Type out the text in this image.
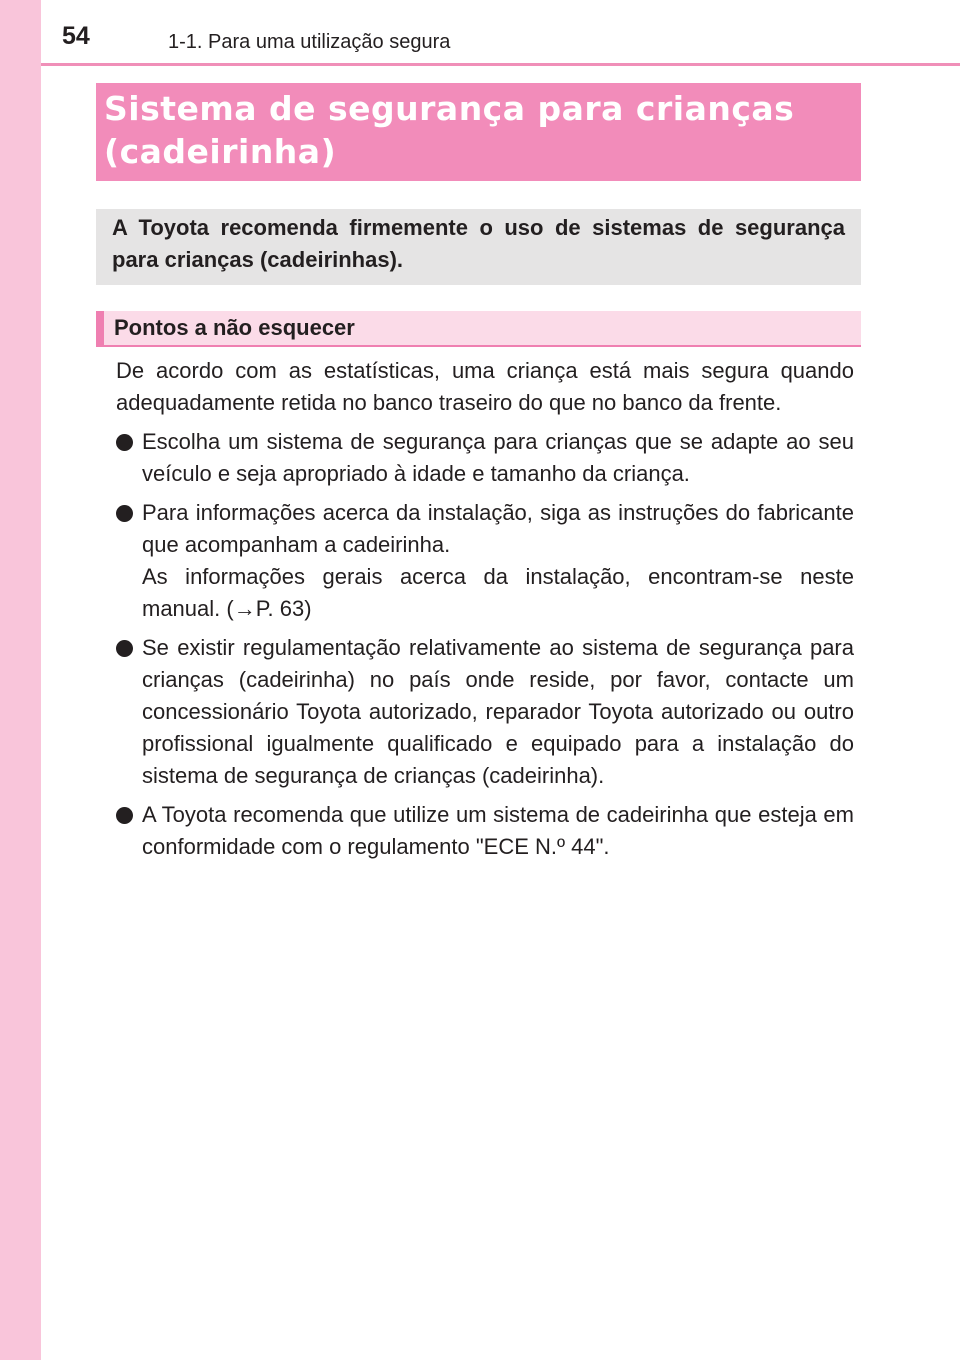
54	1-1. Para uma utilização segura
Sistema de segurança para crianças
(cadeirinha)

A Toyota recomenda firmemente o uso de sistemas de segurança para crianças (cadeirinhas).

Pontos a não esquecer

De acordo com as estatísticas, uma criança está mais segura quando adequadamente retida no banco traseiro do que no banco da frente.

Escolha um sistema de segurança para crianças que se adapte ao seu veículo e seja apropriado à idade e tamanho da criança.
Para informações acerca da instalação, siga as instruções do fabricante que acompanham a cadeirinha.
As informações gerais acerca da instalação, encontram-se neste manual. (→P. 63)
Se existir regulamentação relativamente ao sistema de segurança para crianças (cadeirinha) no país onde reside, por favor, contacte um concessionário Toyota autorizado, reparador Toyota autorizado ou outro profissional igualmente qualificado e equipado para a instalação do sistema de segurança de crianças (cadeirinha).
A Toyota recomenda que utilize um sistema de cadeirinha que esteja em conformidade com o regulamento "ECE N.º 44".
